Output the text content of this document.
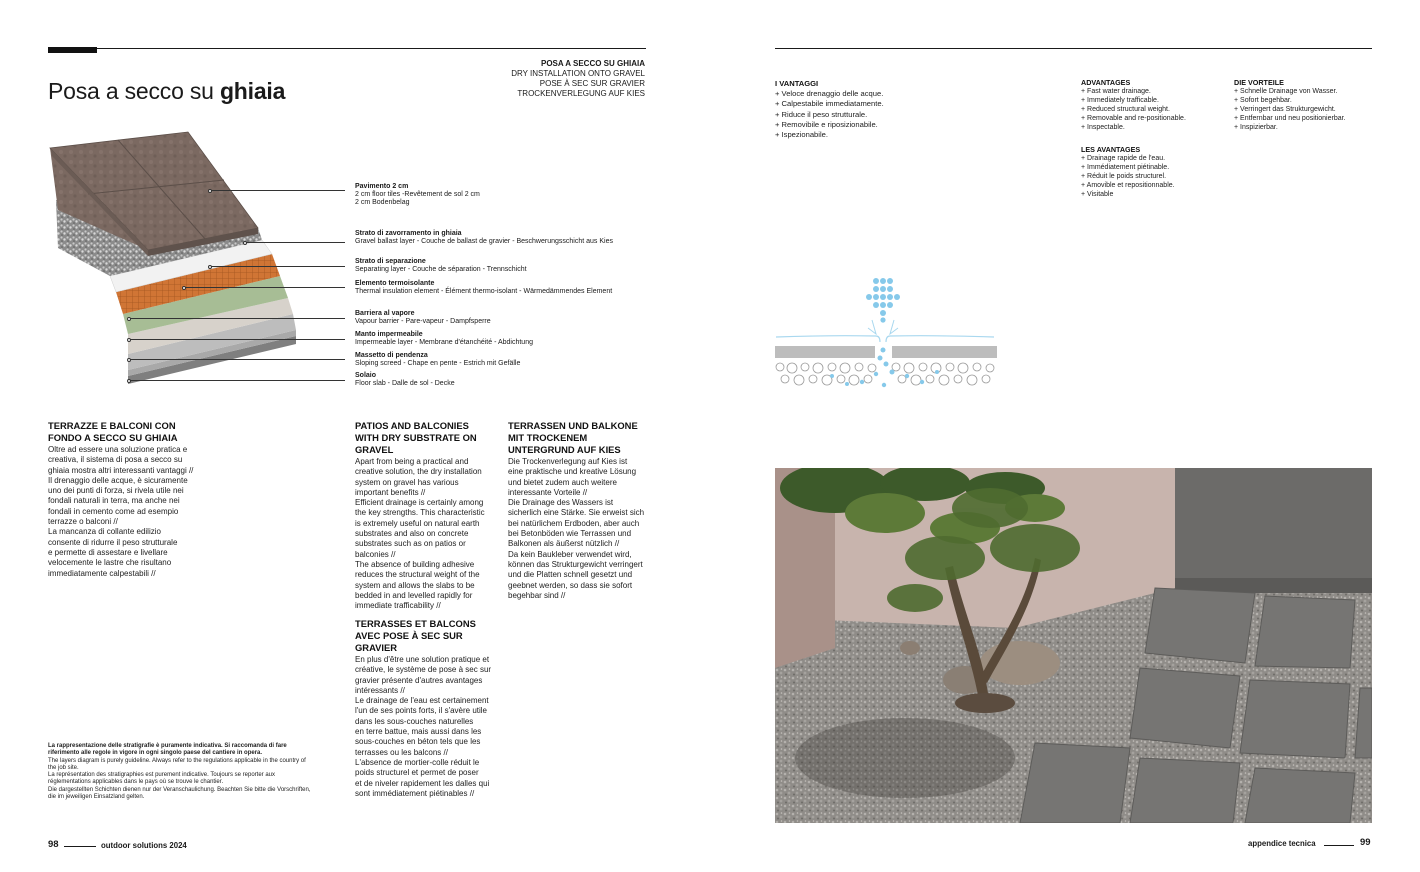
Posa a secco su ghiaia
POSA A SECCO SU GHIAIA
DRY INSTALLATION ONTO GRAVEL
POSE À SEC SUR GRAVIER
TROCKENVERLEGUNG AUF KIES
Pavimento 2 cm
2 cm floor tiles -Revêtement de sol 2 cm
2 cm Bodenbelag
Strato di zavorramento in ghiaia
Gravel ballast layer - Couche de ballast de gravier - Beschwerungsschicht aus Kies
Strato di separazione
Separating layer - Couche de séparation - Trennschicht
Elemento termoisolante
Thermal insulation element - Élément thermo-isolant - Wärmedämmendes Element
Barriera al vapore
Vapour barrier - Pare-vapeur - Dampfsperre
Manto impermeabile
Impermeable layer - Membrane d'étanchéité - Abdichtung
Massetto di pendenza
Sloping screed - Chape en pente - Estrich mit Gefälle
Solaio
Floor slab - Dalle de sol - Decke
TERRAZZE E BALCONI CON FONDO A SECCO SU GHIAIA

Oltre ad essere una soluzione pratica e

creativa, il sistema di posa a secco su

ghiaia mostra altri interessanti vantaggi //

Il drenaggio delle acque, è sicuramente

uno dei punti di forza, si rivela utile nei

fondali naturali in terra, ma anche nei

fondali in cemento come ad esempio

terrazze o balconi //

La mancanza di collante edilizio

consente di ridurre il peso strutturale

e permette di assestare e livellare

velocemente le lastre che risultano

immediatamente calpestabili //

PATIOS AND BALCONIES WITH DRY SUBSTRATE ON GRAVEL

Apart from being a practical and

creative solution, the dry installation

system on gravel has various

important benefits //

Efficient drainage is certainly among

the key strengths. This characteristic

is extremely useful on natural earth

substrates and also on concrete

substrates such as on patios or

balconies //

The absence of building adhesive

reduces the structural weight of the

system and allows the slabs to be

bedded in and levelled rapidly for

immediate trafficability //

TERRASSES ET BALCONS AVEC POSE À SEC SUR GRAVIER

En plus d'être une solution pratique et

créative, le système de pose à sec sur

gravier présente d'autres avantages

intéressants //

Le drainage de l'eau est certainement

l'un de ses points forts, il s'avère utile

dans les sous-couches naturelles

en terre battue, mais aussi dans les

sous-couches en béton tels que les

terrasses ou les balcons //

L'absence de mortier-colle réduit le

poids structurel et permet de poser

et de niveler rapidement les dalles qui

sont immédiatement piétinables //

TERRASSEN UND BALKONE MIT TROCKENEM UNTERGRUND AUF KIES

Die Trockenverlegung auf Kies ist

eine praktische und kreative Lösung

und bietet zudem auch weitere

interessante Vorteile //

Die Drainage des Wassers ist

sicherlich eine Stärke. Sie erweist sich

bei natürlichem Erdboden, aber auch

bei Betonböden wie Terrassen und

Balkonen als äußerst nützlich //

Da kein Baukleber verwendet wird,

können das Strukturgewicht verringert

und die Platten schnell gesetzt und

geebnet werden, so dass sie sofort

begehbar sind //

La rappresentazione delle stratigrafie è puramente indicativa. Si raccomanda di fare
riferimento alle regole in vigore in ogni singolo paese del cantiere in opera.
The layers diagram is purely guideline. Always refer to the regulations applicable in the country of
the job site.
La représentation des stratigraphies est purement indicative. Toujours se reporter aux
réglementations applicables dans le pays où se trouve le chantier.
Die dargestellten Schichten dienen nur der Veranschaulichung. Beachten Sie bitte die Vorschriften,
die im jeweiligen Einsatzland gelten.
98	outdoor solutions 2024
I VANTAGGI
+ Veloce drenaggio delle acque.
+ Calpestabile immediatamente.
+ Riduce il peso strutturale.
+ Removibile e riposizionabile.
+ Ispezionabile.
ADVANTAGES
+ Fast water drainage.
+ Immediately trafficable.
+ Reduced structural weight.
+ Removable and re-positionable.
+ Inspectable.
DIE VORTEILE
+ Schnelle Drainage von Wasser.
+ Sofort begehbar.
+ Verringert das Strukturgewicht.
+ Entfernbar und neu positionierbar.
+ Inspizierbar.
LES AVANTAGES
+ Drainage rapide de l'eau.
+ Immédiatement piétinable.
+ Réduit le poids structurel.
+ Amovible et repositionnable.
+ Visitable
appendice tecnica	99
